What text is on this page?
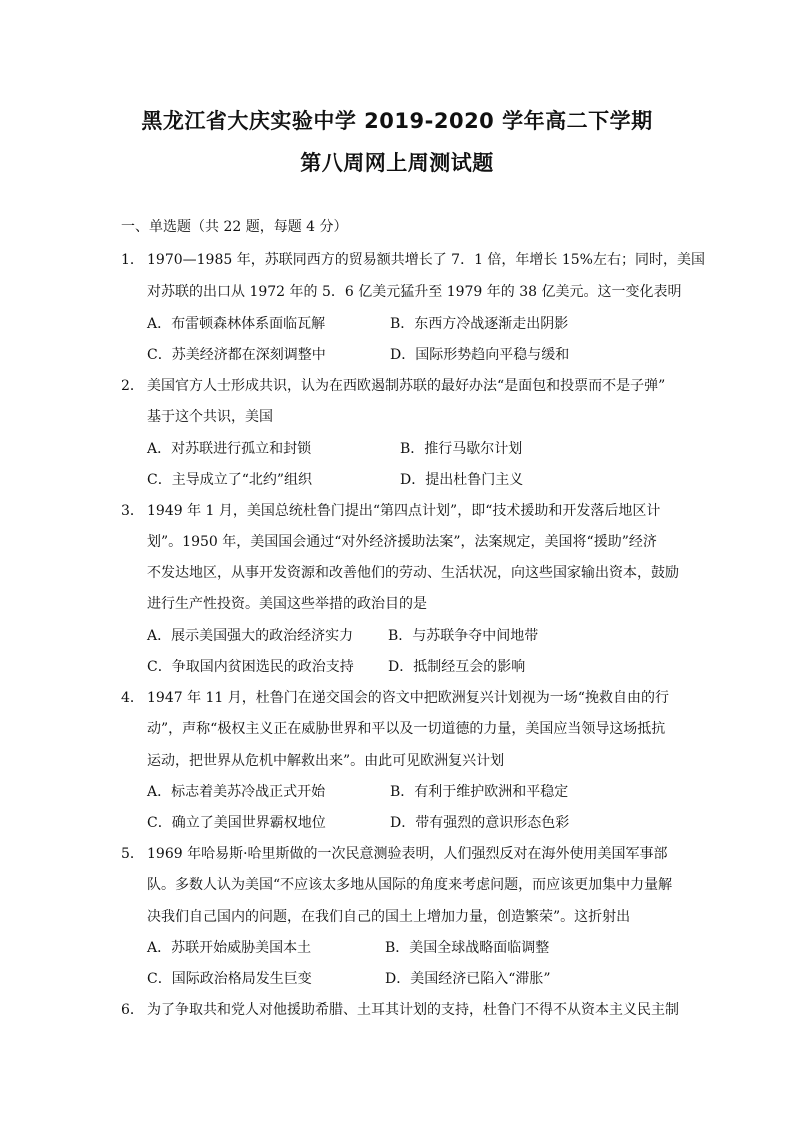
黑龙江省大庆实验中学 2019-2020 学年高二下学期
第八周网上周测试题
一、单选题（共 22 题，每题 4 分）
1． 1970—1985 年，苏联同西方的贸易额共增长了 7．1 倍，年增长 15%左右；同时，美国
对苏联的出口从 1972 年的 5．6 亿美元猛升至 1979 年的 38 亿美元。这一变化表明
A．布雷顿森林体系面临瓦解	B．东西方冷战逐渐走出阴影
C．苏美经济都在深刻调整中	D．国际形势趋向平稳与缓和
2． 美国官方人士形成共识，认为在西欧遏制苏联的最好办法“是面包和投票而不是子弹”
基于这个共识，美国
A．对苏联进行孤立和封锁	B．推行马歇尔计划
C．主导成立了“北约”组织	D．提出杜鲁门主义
3． 1949 年 1 月，美国总统杜鲁门提出“第四点计划”，即“技术援助和开发落后地区计
划”。1950 年，美国国会通过“对外经济援助法案”，法案规定，美国将“援助”经济
不发达地区，从事开发资源和改善他们的劳动、生活状况，向这些国家输出资本，鼓励
进行生产性投资。美国这些举措的政治目的是
A．展示美国强大的政治经济实力 B．与苏联争夺中间地带
C．争取国内贫困选民的政治支持 D．抵制经互会的影响
4． 1947 年 11 月，杜鲁门在递交国会的咨文中把欧洲复兴计划视为一场“挽救自由的行
动”，声称“极权主义正在威胁世界和平以及一切道德的力量，美国应当领导这场抵抗
运动，把世界从危机中解救出来”。由此可见欧洲复兴计划
A．标志着美苏冷战正式开始	B．有利于维护欧洲和平稳定
C．确立了美国世界霸权地位	D．带有强烈的意识形态色彩
5． 1969 年哈易斯·哈里斯做的一次民意测验表明，人们强烈反对在海外使用美国军事部
队。多数人认为美国“不应该太多地从国际的角度来考虑问题，而应该更加集中力量解
决我们自己国内的问题，在我们自己的国土上增加力量，创造繁荣”。这折射出
A．苏联开始威胁美国本土	B．美国全球战略面临调整
C．国际政治格局发生巨变	D．美国经济已陷入“滞胀”
6． 为了争取共和党人对他援助希腊、土耳其计划的支持，杜鲁门不得不从资本主义民主制
